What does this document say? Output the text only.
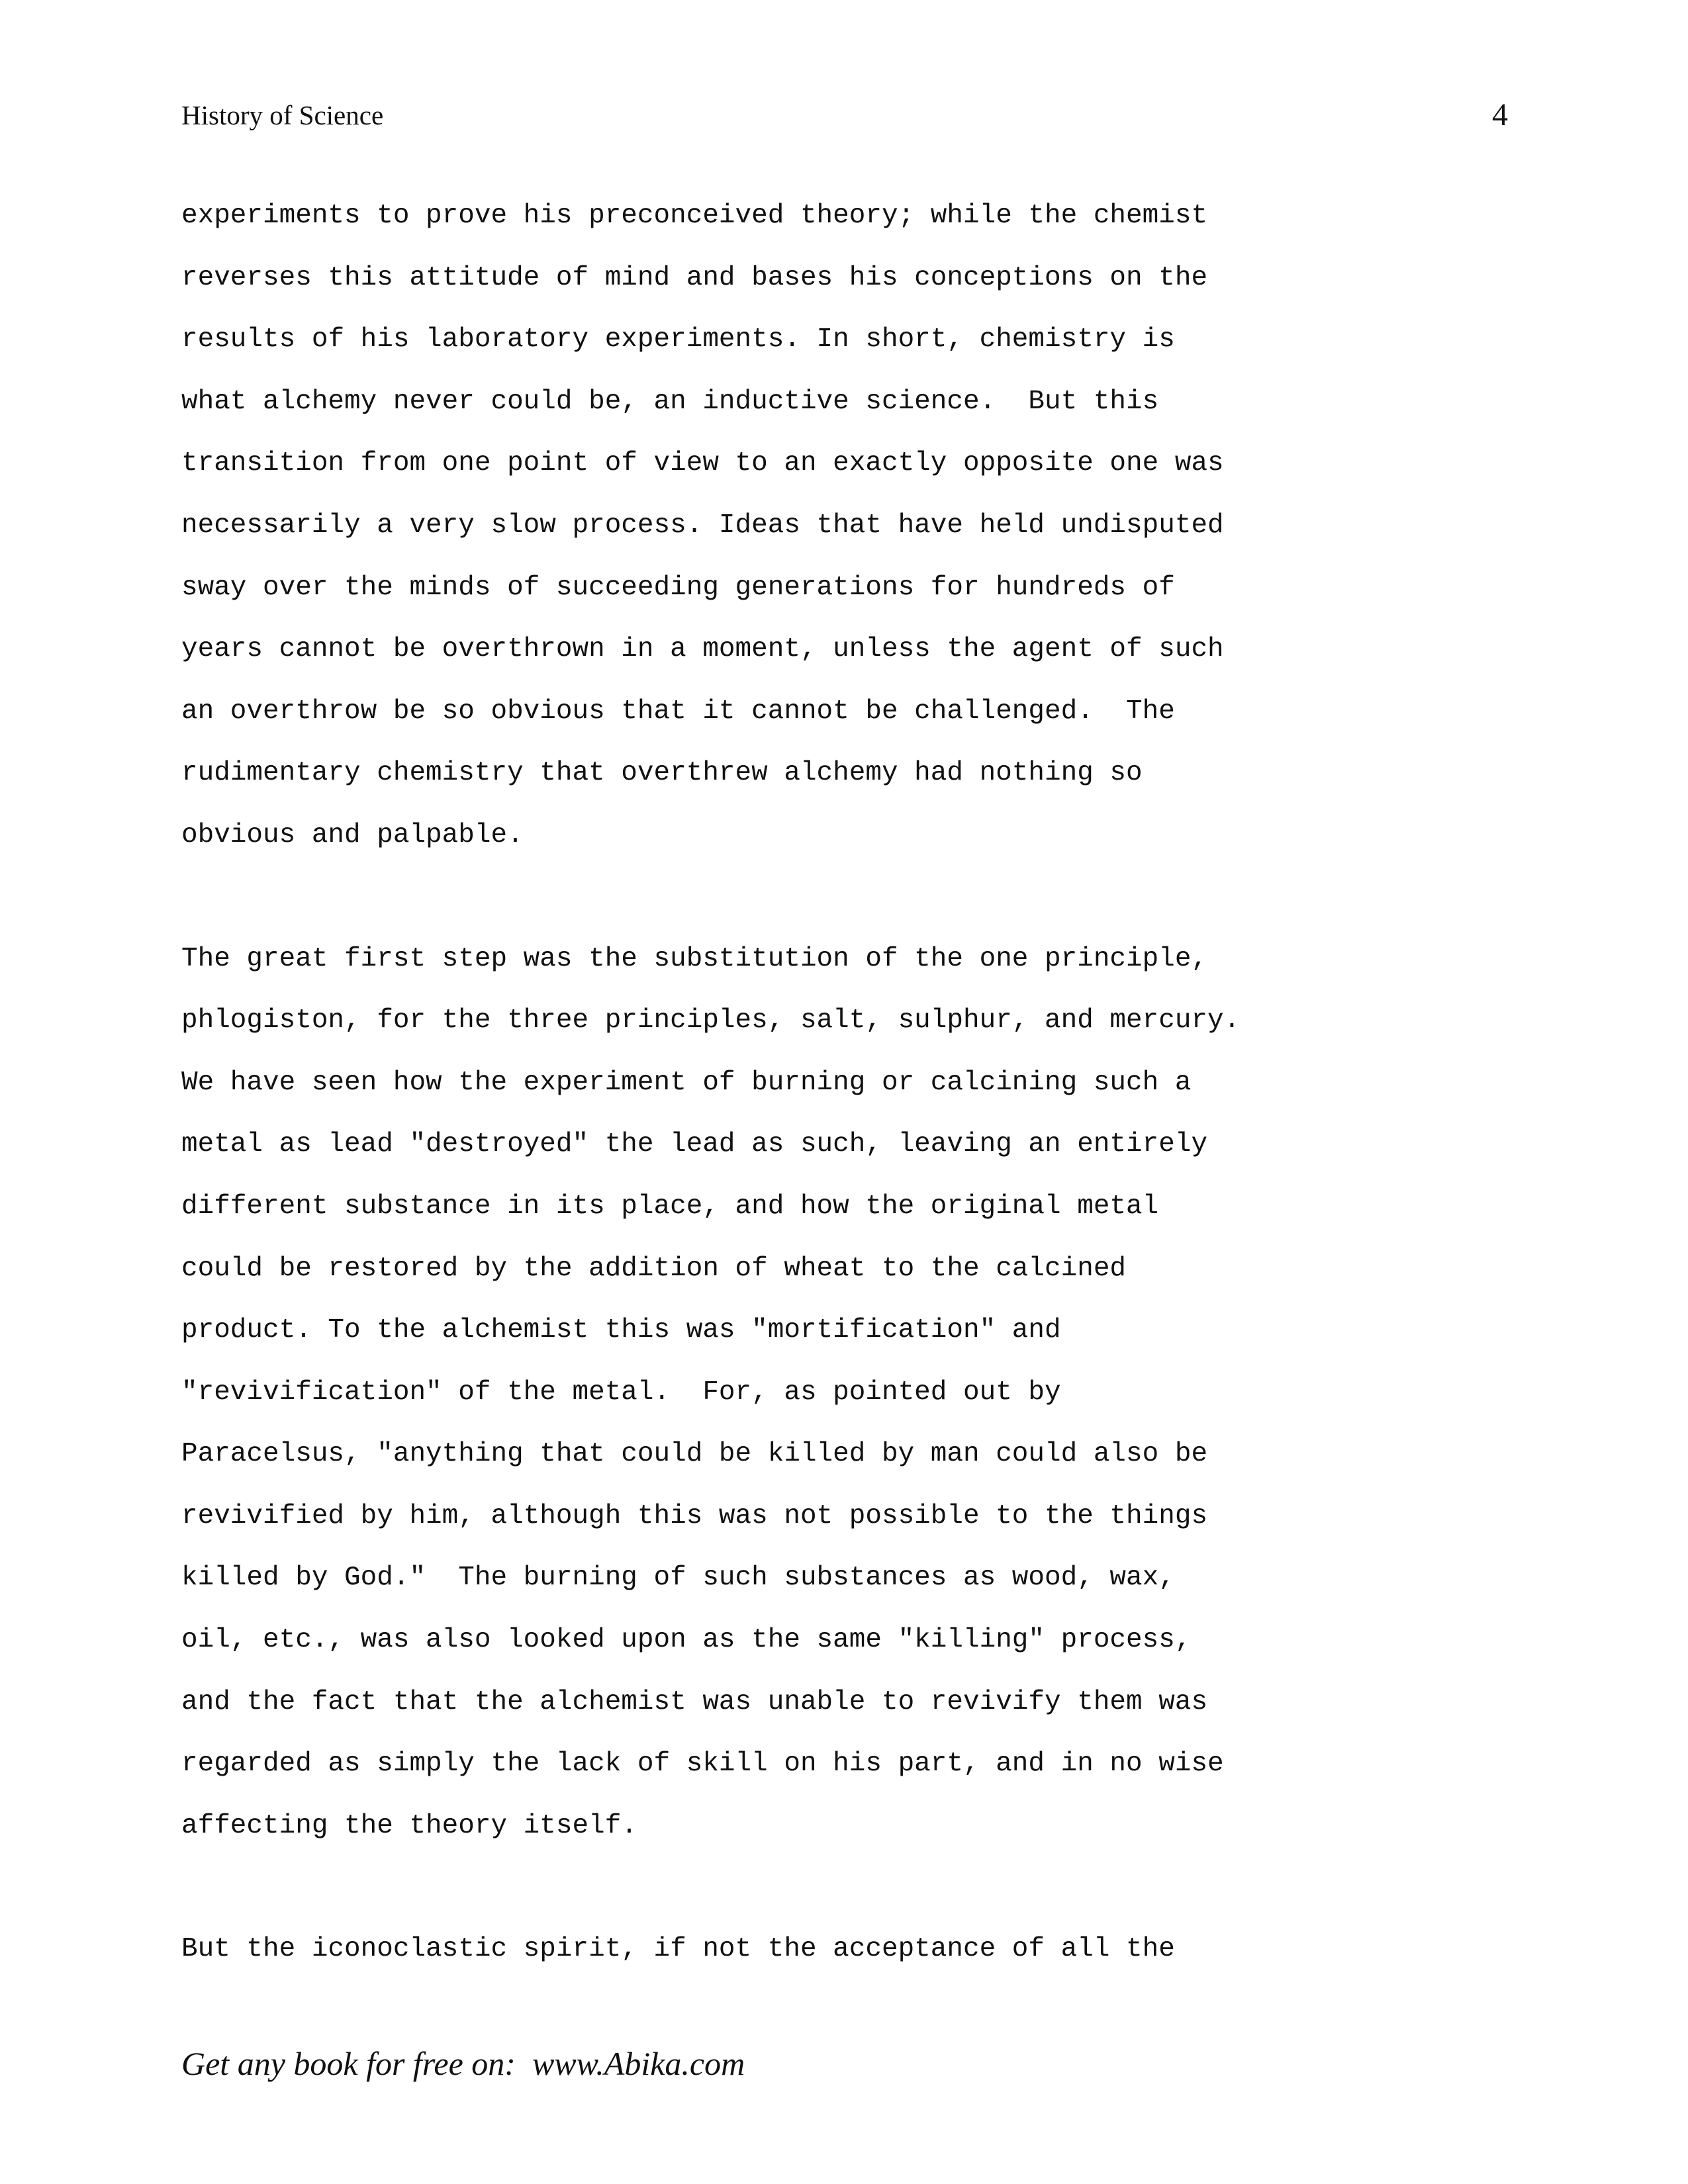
History of Science	4
experiments to prove his preconceived theory; while the chemist
reverses this attitude of mind and bases his conceptions on the
results of his laboratory experiments. In short, chemistry is
what alchemy never could be, an inductive science.  But this
transition from one point of view to an exactly opposite one was
necessarily a very slow process. Ideas that have held undisputed
sway over the minds of succeeding generations for hundreds of
years cannot be overthrown in a moment, unless the agent of such
an overthrow be so obvious that it cannot be challenged.  The
rudimentary chemistry that overthrew alchemy had nothing so
obvious and palpable.
The great first step was the substitution of the one principle,
phlogiston, for the three principles, salt, sulphur, and mercury.
We have seen how the experiment of burning or calcining such a
metal as lead "destroyed" the lead as such, leaving an entirely
different substance in its place, and how the original metal
could be restored by the addition of wheat to the calcined
product. To the alchemist this was "mortification" and
"revivification" of the metal.  For, as pointed out by
Paracelsus, "anything that could be killed by man could also be
revivified by him, although this was not possible to the things
killed by God."  The burning of such substances as wood, wax,
oil, etc., was also looked upon as the same "killing" process,
and the fact that the alchemist was unable to revivify them was
regarded as simply the lack of skill on his part, and in no wise
affecting the theory itself.
But the iconoclastic spirit, if not the acceptance of all the
Get any book for free on:  www.Abika.com
